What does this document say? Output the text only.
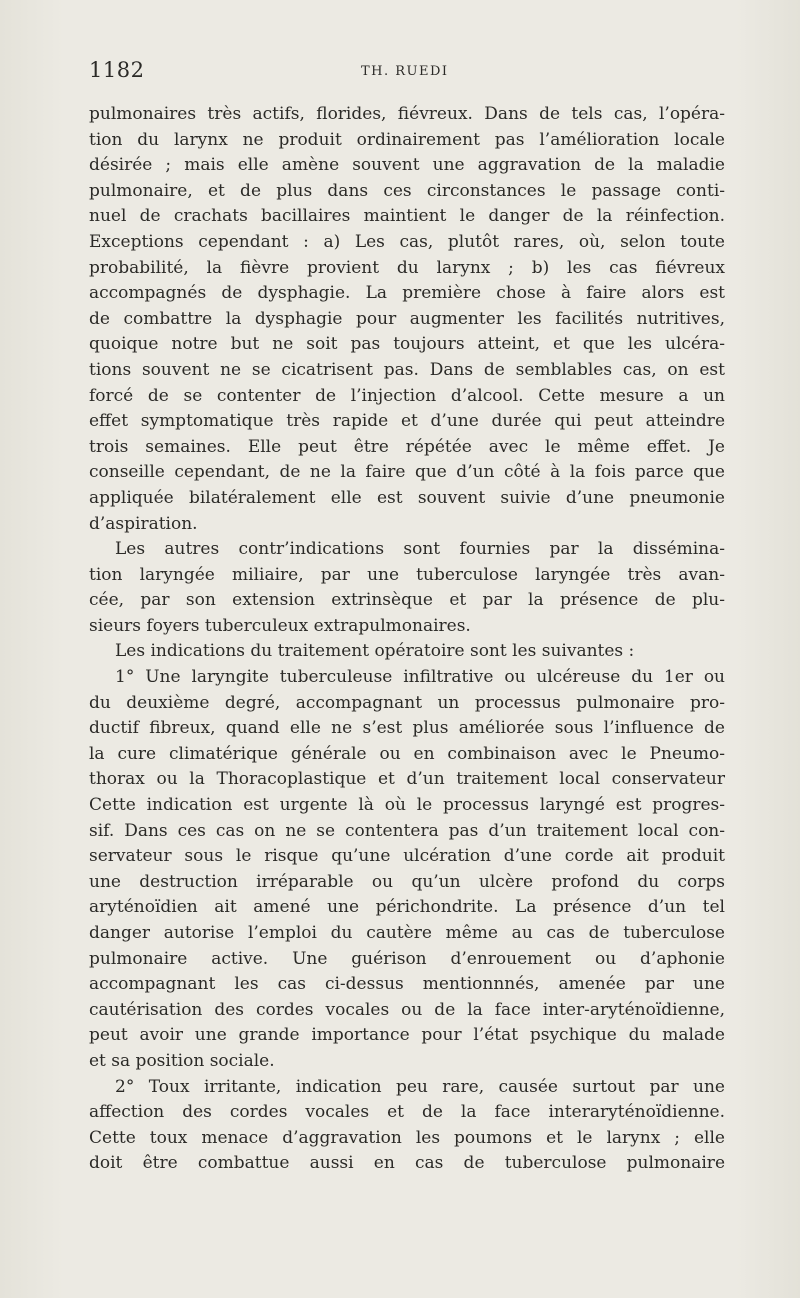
1182	TH. RUEDI
pulmonaires très actifs, florides, fiévreux. Dans de tels cas, l’opéra-
tion du larynx ne produit ordinairement pas l’amélioration locale
désirée ; mais elle amène souvent une aggravation de la maladie
pulmonaire, et de plus dans ces circonstances le passage conti-
nuel de crachats bacillaires maintient le danger de la réinfection.
Exceptions cependant : a) Les cas, plutôt rares, où, selon toute
probabilité, la fièvre provient du larynx ; b) les cas fiévreux
accompagnés de dysphagie. La première chose à faire alors est
de combattre la dysphagie pour augmenter les facilités nutritives,
quoique notre but ne soit pas toujours atteint, et que les ulcéra-
tions souvent ne se cicatrisent pas. Dans de semblables cas, on est
forcé de se contenter de l’injection d’alcool. Cette mesure a un
effet symptomatique très rapide et d’une durée qui peut atteindre
trois semaines. Elle peut être répétée avec le même effet. Je
conseille cependant, de ne la faire que d’un côté à la fois parce que
appliquée bilatéralement elle est souvent suivie d’une pneumonie
d’aspiration.
Les autres contr’indications sont fournies par la dissémina-
tion laryngée miliaire, par une tuberculose laryngée très avan-
cée, par son extension extrinsèque et par la présence de plu-
sieurs foyers tuberculeux extrapulmonaires.
Les indications du traitement opératoire sont les suivantes :
1° Une laryngite tuberculeuse infiltrative ou ulcéreuse du 1er ou
du deuxième degré, accompagnant un processus pulmonaire pro-
ductif fibreux, quand elle ne s’est plus améliorée sous l’influence de
la cure climatérique générale ou en combinaison avec le Pneumo-
thorax ou la Thoracoplastique et d’un traitement local conservateur
Cette indication est urgente là où le processus laryngé est progres-
sif. Dans ces cas on ne se contentera pas d’un traitement local con-
servateur sous le risque qu’une ulcération d’une corde ait produit
une destruction irréparable ou qu’un ulcère profond du corps
aryténoïdien ait amené une périchondrite. La présence d’un tel
danger autorise l’emploi du cautère même au cas de tuberculose
pulmonaire active. Une guérison d’enrouement ou d’aphonie
accompagnant les cas ci-dessus mentionnnés, amenée par une
cautérisation des cordes vocales ou de la face inter-aryténoïdienne,
peut avoir une grande importance pour l’état psychique du malade
et sa position sociale.
2° Toux irritante, indication peu rare, causée surtout par une
affection des cordes vocales et de la face interaryténoïdienne.
Cette toux menace d’aggravation les poumons et le larynx ; elle
doit être combattue aussi en cas de tuberculose pulmonaire
